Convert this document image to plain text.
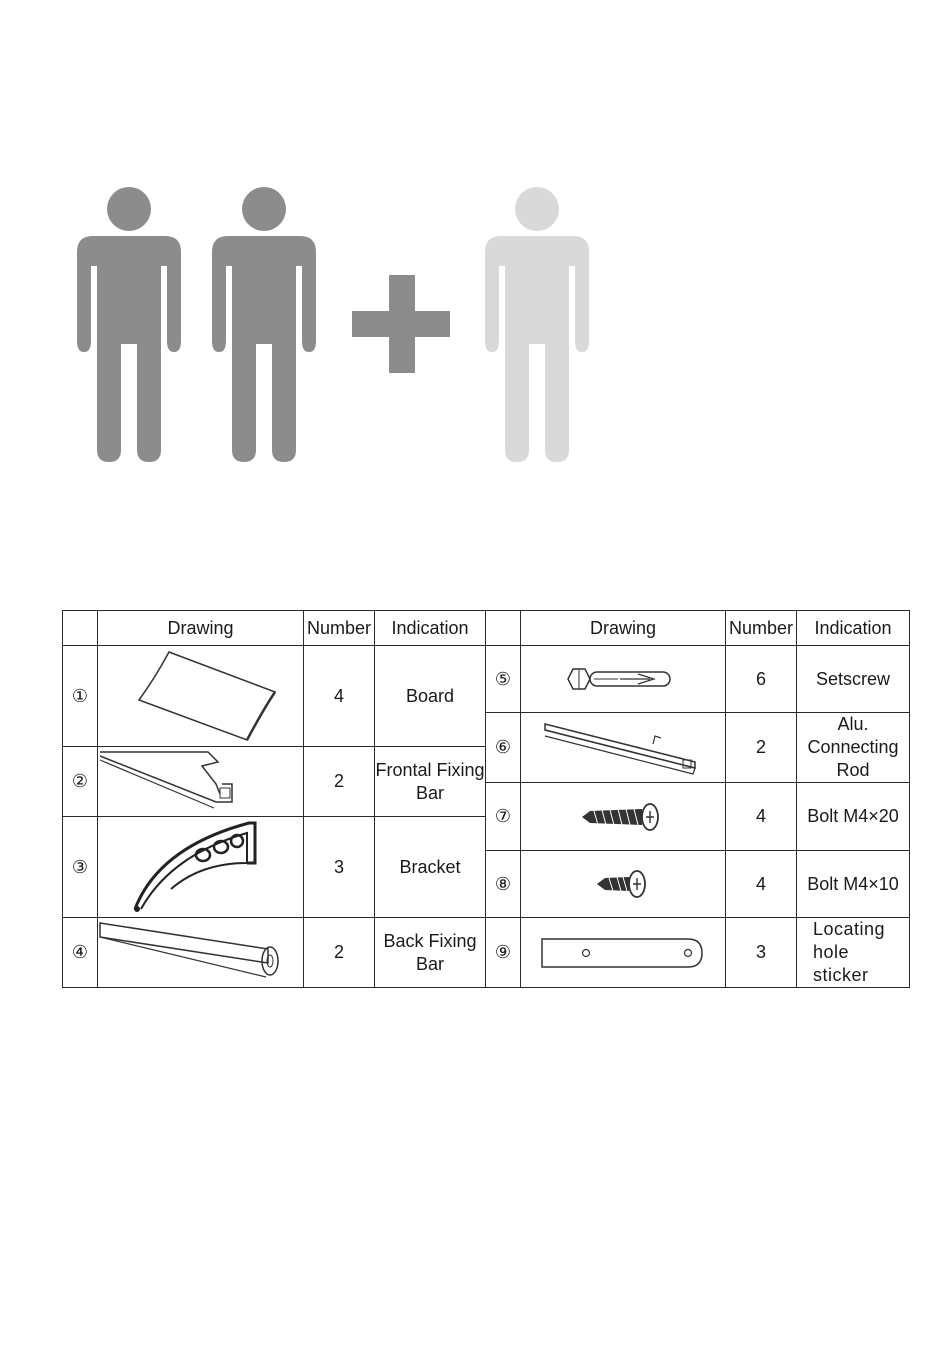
	Drawing	Number	Indication		Drawing	Number	Indication
①		4	Board	⑤		6	Setscrew
				⑥		2	Alu. Connecting Rod
②		2	Frontal Fixing Bar				
				⑦		4	Bolt M4×20
③		3	Bracket				
				⑧		4	Bolt M4×10

④		2	Back Fixing Bar	⑨		3	Locating hole sticker
